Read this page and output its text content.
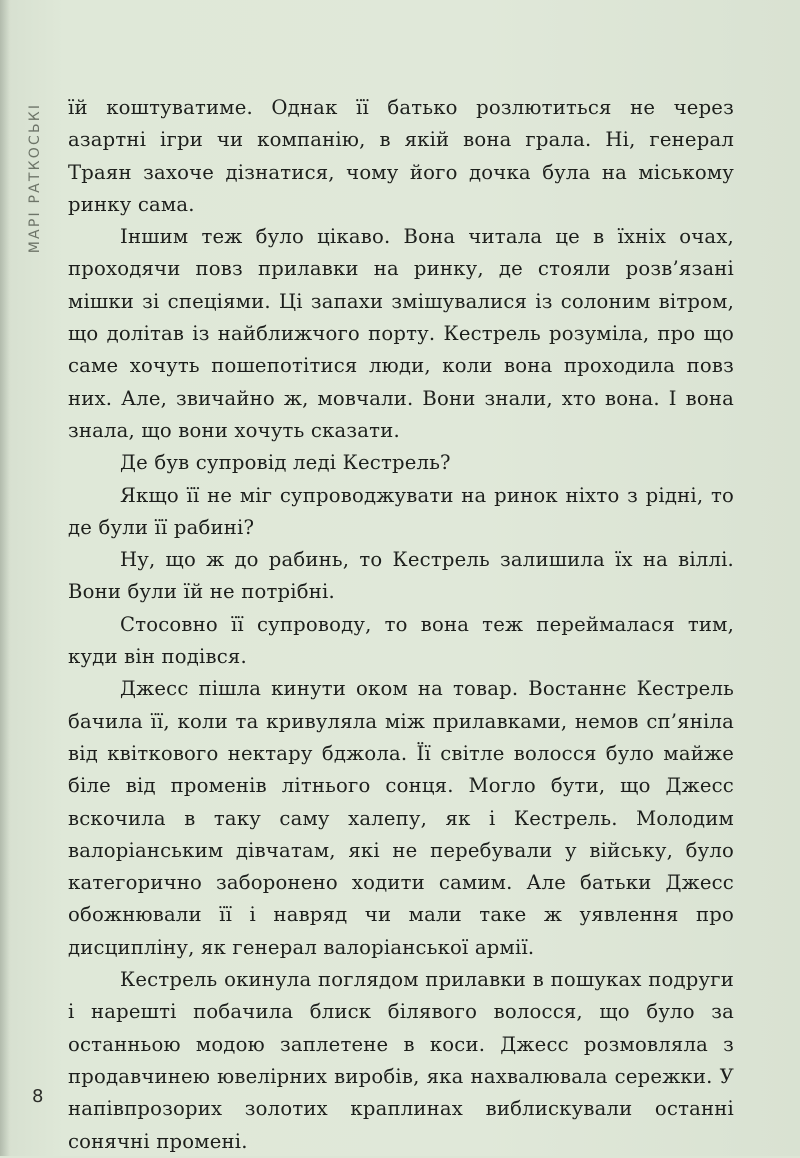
МАРІ РАТКОСЬКІ їй коштуватиме. Однак її батько розлютиться не через азартні ігри чи компанію, в якій вона грала. Ні, генерал Траян захоче дізнатися, чому його дочка була на міському ринку сама.

Іншим теж було цікаво. Вона читала це в їхніх очах, проходячи повз прилавки на ринку, де стояли розв’язані мішки зі спеціями. Ці запахи змішувалися із солоним вітром, що долітав із найближчого порту. Кестрель розуміла, про що саме хочуть пошепотітися люди, коли вона проходила повз них. Але, звичайно ж, мовчали. Вони знали, хто вона. І вона знала, що вони хочуть сказати.

Де був супровід леді Кестрель?

Якщо її не міг супроводжувати на ринок ніхто з рідні, то де були її рабині?

Ну, що ж до рабинь, то Кестрель залишила їх на віллі. Вони були їй не потрібні.

Стосовно її супроводу, то вона теж переймалася тим, куди він подівся.

Джесс пішла кинути оком на товар. Востаннє Кестрель бачила її, коли та кривуляла між прилавками, немов сп’яніла від квіткового нектару бджола. Її світле волосся було майже біле від променів літнього сонця. Могло бути, що Джесс вскочила в таку саму халепу, як і Кестрель. Молодим валоріанським дівчатам, які не перебували у війську, було категорично заборонено ходити самим. Але батьки Джесс обожнювали її і навряд чи мали таке ж уявлення про дисципліну, як генерал валоріанської армії.

Кестрель окинула поглядом прилавки в пошуках подруги і нарешті побачила блиск білявого волосся, що було за останньою модою заплетене в коси. Джесс розмовляла з продавчинею ювелірних виробів, яка нахвалювала сережки. У напівпрозорих золотих краплинах виблискували останні сонячні промені.

8
